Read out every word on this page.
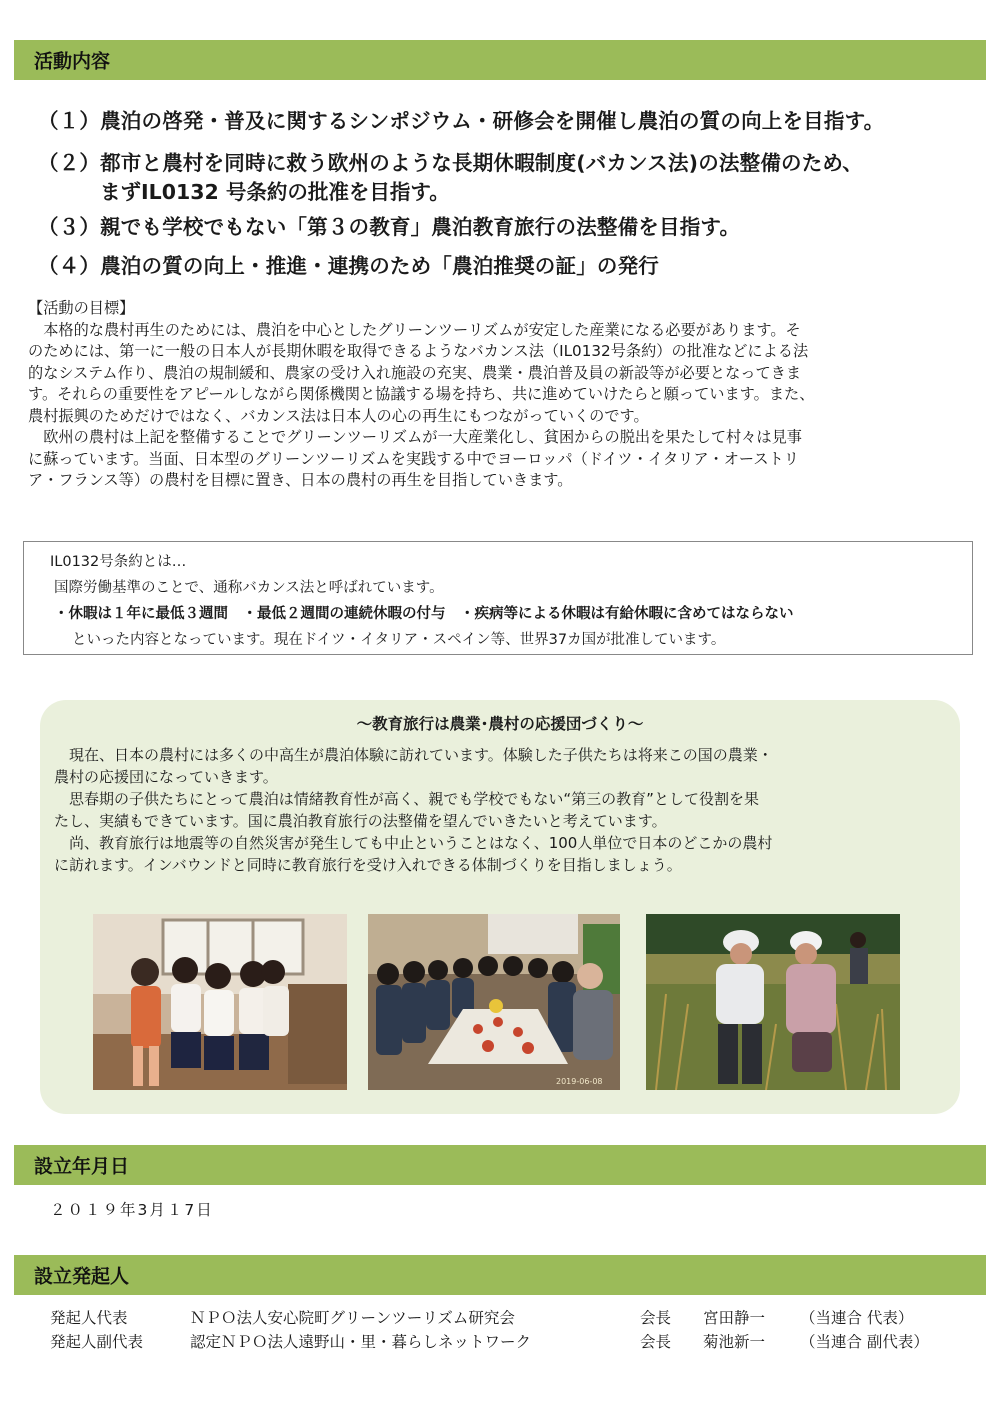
活動内容
（１）農泊の啓発・普及に関するシンポジウム・研修会を開催し農泊の質の向上を目指す。
（２）都市と農村を同時に救う欧州のような長期休暇制度(バカンス法)の法整備のため、
まずIL0132 号条約の批准を目指す。
（３）親でも学校でもない「第３の教育」農泊教育旅行の法整備を目指す。
（４）農泊の質の向上・推進・連携のため「農泊推奨の証」の発行

【活動の目標】

　本格的な農村再生のためには、農泊を中心としたグリーンツーリズムが安定した産業になる必要があります。そ

のためには、第一に一般の日本人が長期休暇を取得できるようなバカンス法（IL0132号条約）の批准などによる法

的なシステム作り、農泊の規制緩和、農家の受け入れ施設の充実、農業・農泊普及員の新設等が必要となってきま

す。それらの重要性をアピールしながら関係機関と協議する場を持ち、共に進めていけたらと願っています。また、

農村振興のためだけではなく、バカンス法は日本人の心の再生にもつながっていくのです。

　欧州の農村は上記を整備することでグリーンツーリズムが一大産業化し、貧困からの脱出を果たして村々は見事

に蘇っています。当面、日本型のグリーンツーリズムを実践する中でヨーロッパ（ドイツ・イタリア・オーストリ

ア・フランス等）の農村を目標に置き、日本の農村の再生を目指していきます。

IL0132号条約とは…
国際労働基準のことで、通称バカンス法と呼ばれています。
・休暇は１年に最低３週間　・最低２週間の連続休暇の付与　・疾病等による休暇は有給休暇に含めてはならない
といった内容となっています。現在ドイツ・イタリア・スペイン等、世界37カ国が批准しています。
～教育旅行は農業･農村の応援団づくり～

　現在、日本の農村には多くの中高生が農泊体験に訪れています。体験した子供たちは将来この国の農業・

農村の応援団になっていきます。

　思春期の子供たちにとって農泊は情緒教育性が高く、親でも学校でもない“第三の教育”として役割を果

たし、実績もできています。国に農泊教育旅行の法整備を望んでいきたいと考えています。

　尚、教育旅行は地震等の自然災害が発生しても中止ということはなく、100人単位で日本のどこかの農村

に訪れます。インバウンドと同時に教育旅行を受け入れできる体制づくりを目指しましょう。

2019-06-08
設立年月日
２０１９年3月１7日
設立発起人
発起人代表	ＮＰＯ法人安心院町グリーンツーリズム研究会	会長 宮田静一 （当連合 代表）
発起人副代表	認定ＮＰＯ法人遠野山・里・暮らしネットワーク	会長 菊池新一 （当連合 副代表）
